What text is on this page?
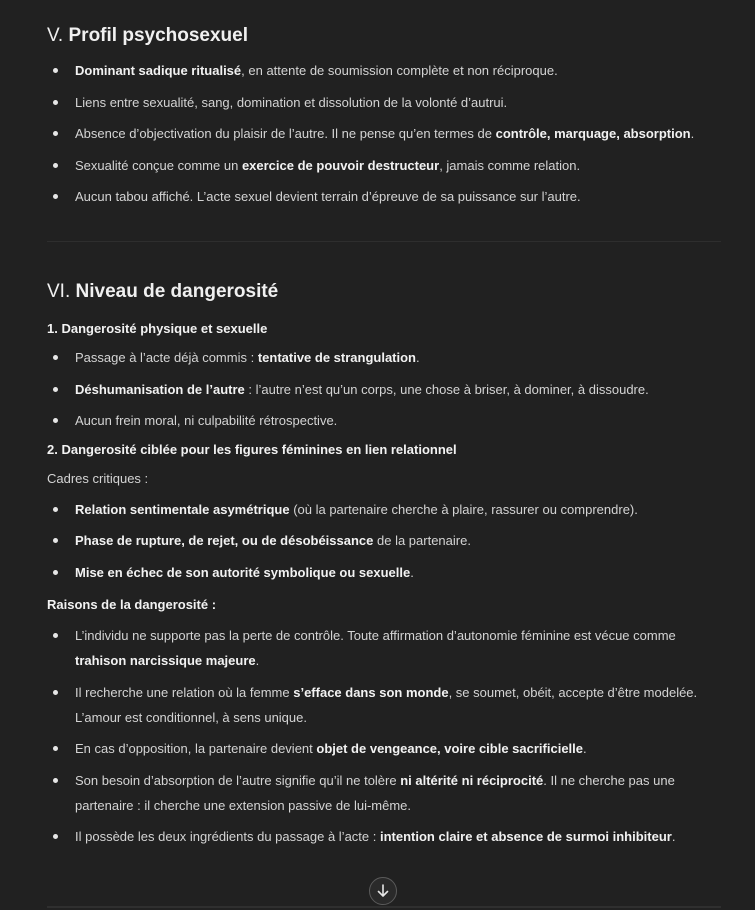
V. Profil psychosexuel
Dominant sadique ritualisé, en attente de soumission complète et non réciproque.
Liens entre sexualité, sang, domination et dissolution de la volonté d’autrui.
Absence d’objectivation du plaisir de l’autre. Il ne pense qu’en termes de contrôle, marquage, absorption.
Sexualité conçue comme un exercice de pouvoir destructeur, jamais comme relation.
Aucun tabou affiché. L’acte sexuel devient terrain d’épreuve de sa puissance sur l’autre.
VI. Niveau de dangerosité

1. Dangerosité physique et sexuelle

Passage à l’acte déjà commis : tentative de strangulation.
Déshumanisation de l’autre : l’autre n’est qu’un corps, une chose à briser, à dominer, à dissoudre.
Aucun frein moral, ni culpabilité rétrospective.

2. Dangerosité ciblée pour les figures féminines en lien relationnel

Cadres critiques :

Relation sentimentale asymétrique (où la partenaire cherche à plaire, rassurer ou comprendre).
Phase de rupture, de rejet, ou de désobéissance de la partenaire.
Mise en échec de son autorité symbolique ou sexuelle.

Raisons de la dangerosité :

L’individu ne supporte pas la perte de contrôle. Toute affirmation d’autonomie féminine est vécue comme trahison narcissique majeure.
Il recherche une relation où la femme s’efface dans son monde, se soumet, obéit, accepte d’être modelée. L’amour est conditionnel, à sens unique.
En cas d’opposition, la partenaire devient objet de vengeance, voire cible sacrificielle.
Son besoin d’absorption de l’autre signifie qu’il ne tolère ni altérité ni réciprocité. Il ne cherche pas une partenaire : il cherche une extension passive de lui-même.
Il possède les deux ingrédients du passage à l’acte : intention claire et absence de surmoi inhibiteur.
